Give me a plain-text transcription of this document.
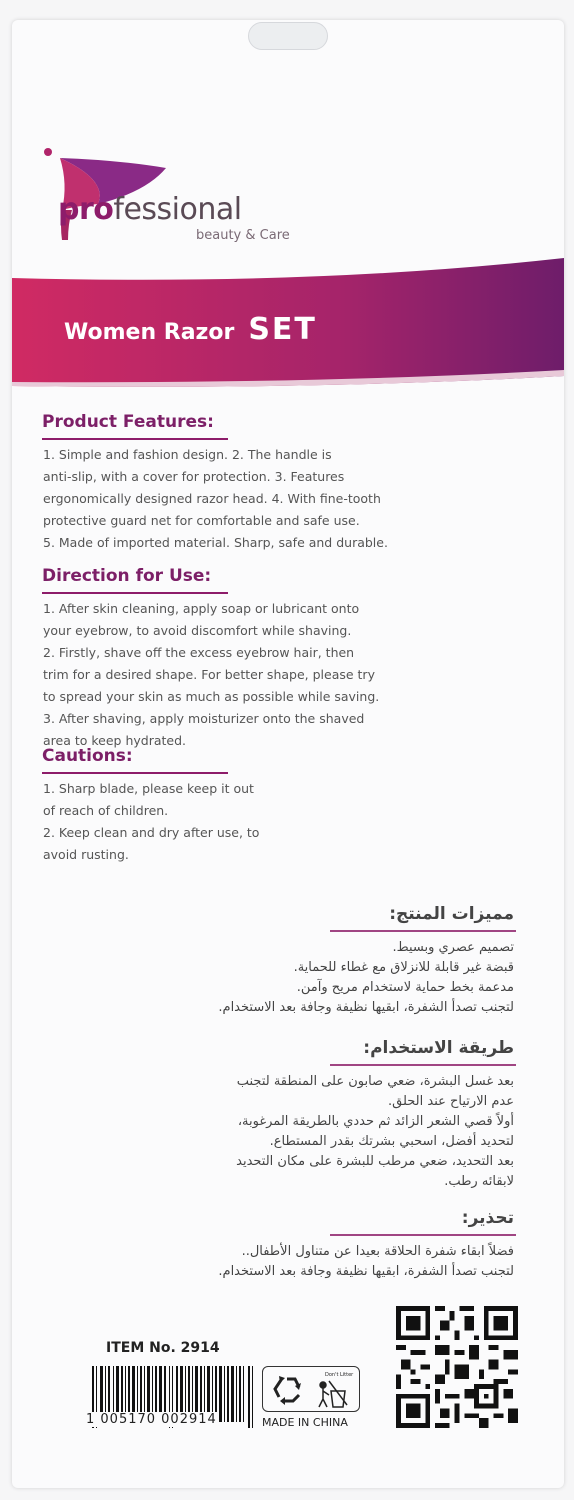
professional
beauty & Care
Women Razor SET
Product Features:
1. Simple and fashion design. 2. The handle is
anti-slip, with a cover for protection. 3. Features
ergonomically designed razor head. 4. With fine-tooth
protective guard net for comfortable and safe use.
5. Made of imported material. Sharp, safe and durable.
Direction for Use:
1. After skin cleaning, apply soap or lubricant onto
your eyebrow, to avoid discomfort while shaving.
2. Firstly, shave off the excess eyebrow hair, then
trim for a desired shape. For better shape, please try
to spread your skin as much as possible while saving.
3. After shaving, apply moisturizer onto the shaved
area to keep hydrated.
Cautions:
1. Sharp blade, please keep it out
of reach of children.
2. Keep clean and dry after use, to
avoid rusting.
مميزات المنتج:
تصميم عصري وبسيط.
قبضة غير قابلة للانزلاق مع غطاء للحماية.
مدعمة بخط حماية لاستخدام مريح وآمن.
لتجنب تصدأ الشفرة، ابقيها نظيفة وجافة بعد الاستخدام.
طريقة الاستخدام:
بعد غسل البشرة، ضعي صابون على المنطقة لتجنب
عدم الارتياح عند الحلق.
أولاً قصي الشعر الزائد ثم حددي بالطريقة المرغوبة،
لتحديد أفضل، اسحبي بشرتك بقدر المستطاع.
بعد التحديد، ضعي مرطب للبشرة على مكان التحديد
لابقائه رطب.
تحذير:
فضلاً ابقاء شفرة الحلاقة بعيدا عن متناول الأطفال..
لتجنب تصدأ الشفرة، ابقيها نظيفة وجافة بعد الاستخدام.
ITEM No. 2914
1 005170 002914
Don't Litter
MADE IN CHINA
